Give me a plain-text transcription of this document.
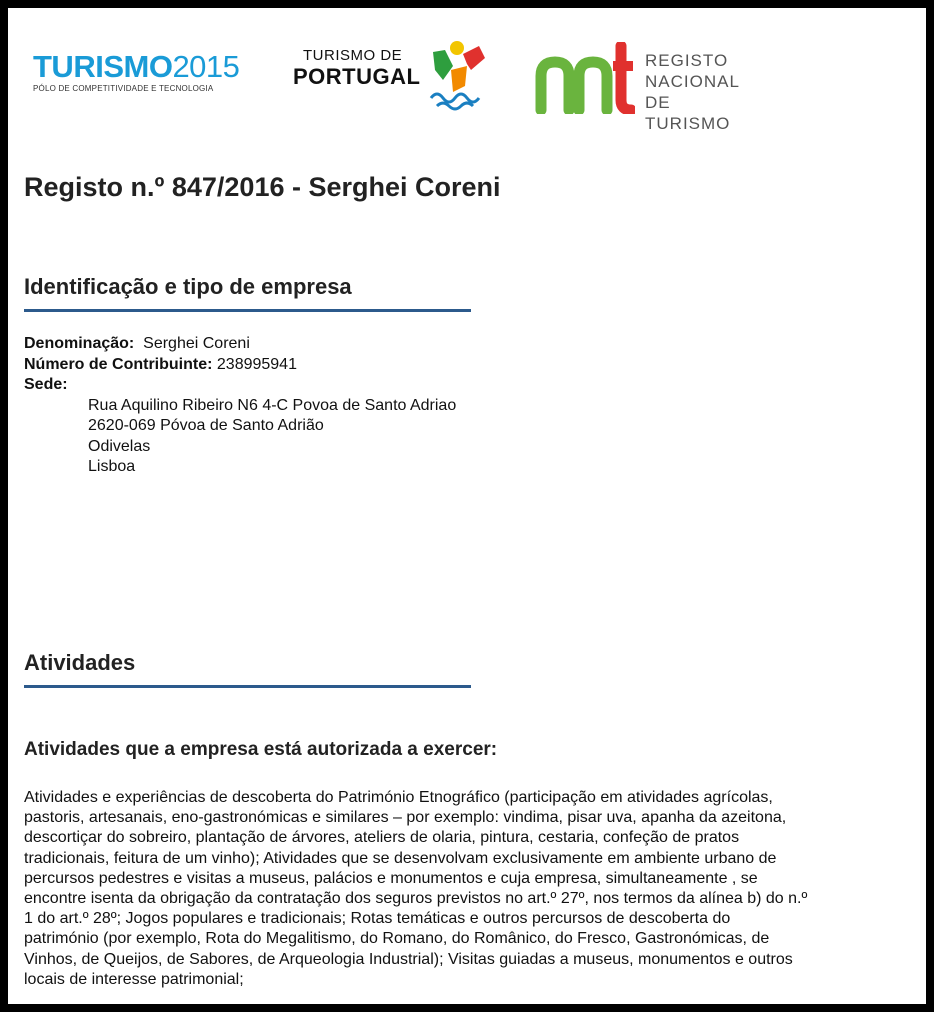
TURISMO2015
PÓLO DE COMPETITIVIDADE E TECNOLOGIA
TURISMO DE
PORTUGAL
REGISTO
NACIONAL
DE TURISMO
Registo n.º 847/2016 - Serghei Coreni
Identificação e tipo de empresa
Denominação: Serghei Coreni
Número de Contribuinte: 238995941
Sede:
Rua Aquilino Ribeiro N6 4-C Povoa de Santo Adriao
2620-069 Póvoa de Santo Adrião
Odivelas
Lisboa
Atividades
Atividades que a empresa está autorizada a exercer:
Atividades e experiências de descoberta do Património Etnográfico (participação em atividades agrícolas,
pastoris, artesanais, eno-gastronómicas e similares – por exemplo: vindima, pisar uva, apanha da azeitona,
descortiçar do sobreiro, plantação de árvores, ateliers de olaria, pintura, cestaria, confeção de pratos
tradicionais, feitura de um vinho); Atividades que se desenvolvam exclusivamente em ambiente urbano de
percursos pedestres e visitas a museus, palácios e monumentos e cuja empresa, simultaneamente , se
encontre isenta da obrigação da contratação dos seguros previstos no art.º 27º, nos termos da alínea b) do n.º
1 do art.º 28º; Jogos populares e tradicionais; Rotas temáticas e outros percursos de descoberta do
património (por exemplo, Rota do Megalitismo, do Romano, do Românico, do Fresco, Gastronómicas, de
Vinhos, de Queijos, de Sabores, de Arqueologia Industrial); Visitas guiadas a museus, monumentos e outros
locais de interesse patrimonial;
